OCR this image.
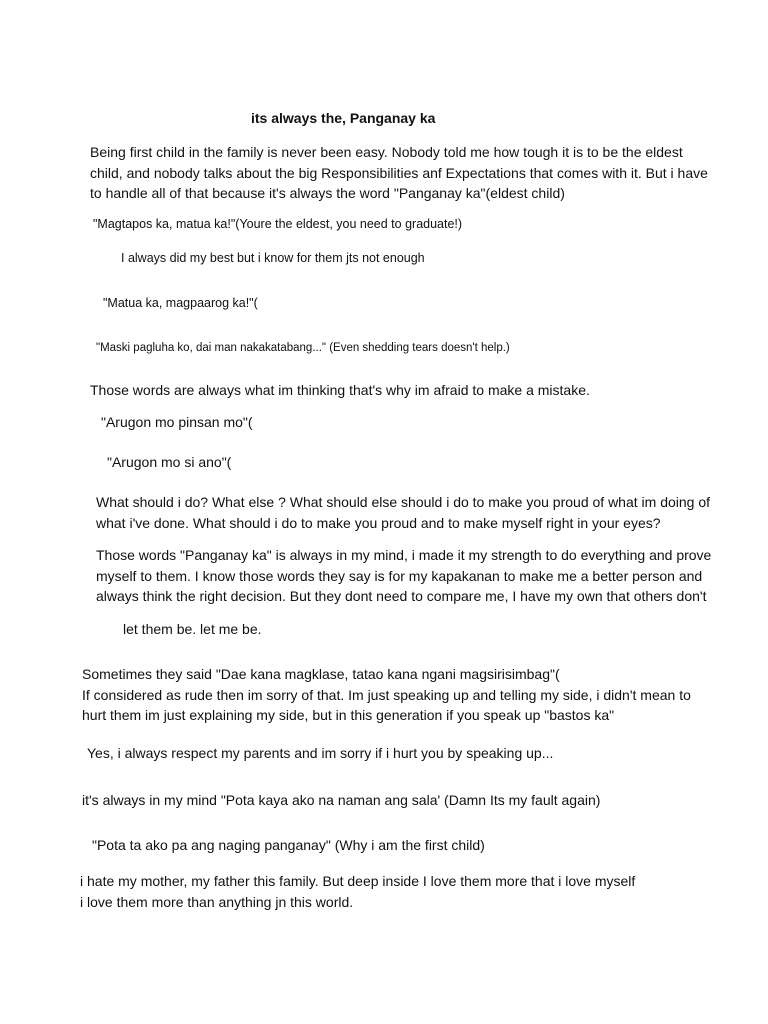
its always the, Panganay ka
Being first child in the family is never been easy. Nobody told me how tough it is to be the eldest
child, and nobody talks about the big Responsibilities anf Expectations that comes with it. But i have
to handle all of that because it's always the word "Panganay ka"(eldest child)
"Magtapos ka, matua ka!"(Youre the eldest, you need to graduate!)
I always did my best but i know for them jts not enough
"Matua ka, magpaarog ka!"(
"Maski pagluha ko, dai man nakakatabang..." (Even shedding tears doesn't help.)
Those words are always what im thinking that's why im afraid to make a mistake.
"Arugon mo pinsan mo"(
"Arugon mo si ano"(
What should i do? What else ? What should else should i do to make you proud of what im doing of
what i've done. What should i do to make you proud and to make myself right in your eyes?
Those words "Panganay ka" is always in my mind, i made it my strength to do everything and prove
myself to them. I know those words they say is for my kapakanan to make me a better person and
always think the right decision. But they dont need to compare me, I have my own that others don't
let them be. let me be.
Sometimes they said "Dae kana magklase, tatao kana ngani magsirisimbag"(
If considered as rude then im sorry of that. Im just speaking up and telling my side, i didn't mean to
hurt them im just explaining my side, but in this generation if you speak up "bastos ka"
Yes, i always respect my parents and im sorry if i hurt you by speaking up...
it's always in my mind "Pota kaya ako na naman ang sala' (Damn Its my fault again)
"Pota ta ako pa ang naging panganay" (Why i am the first child)
i hate my mother, my father this family. But deep inside I love them more that i love myself
i love them more than anything jn this world.
